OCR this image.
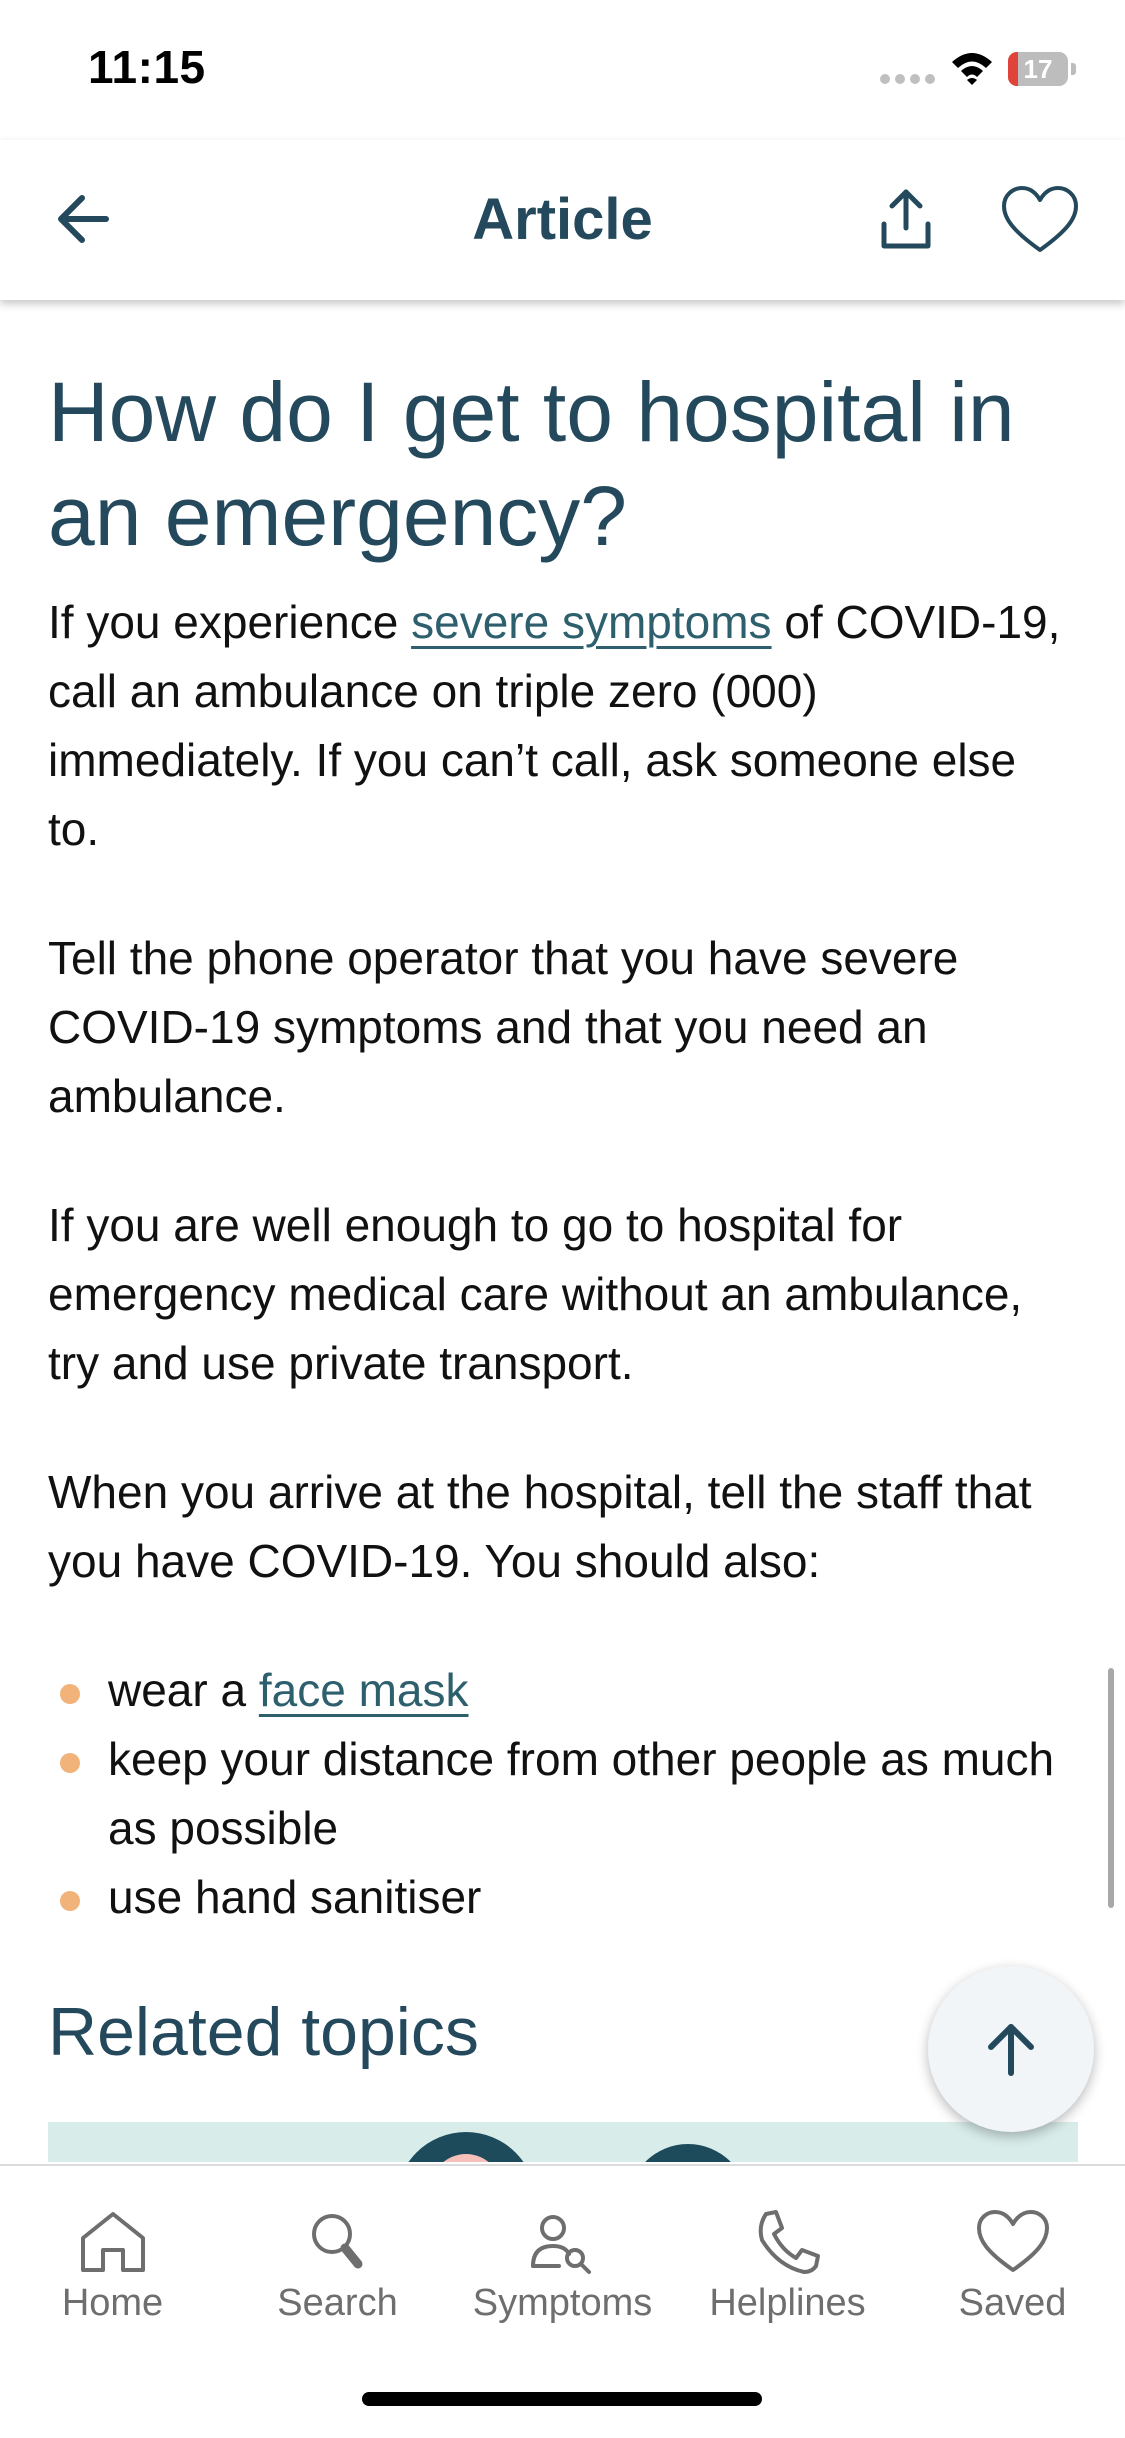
11:15	17
Article
How do I get to hospital in an emergency?

If you experience severe symptoms of COVID-19, call an ambulance on triple zero (000) immediately. If you can’t call, ask someone else to.

Tell the phone operator that you have severe COVID-19 symptoms and that you need an ambulance.

If you are well enough to go to hospital for emergency medical care without an ambulance, try and use private transport.

When you arrive at the hospital, tell the staff that you have COVID-19. You should also:

wear a face mask
keep your distance from other people as much as possible
use hand sanitiser
Related topics
Home	Search	Symptoms	Helplines	Saved
